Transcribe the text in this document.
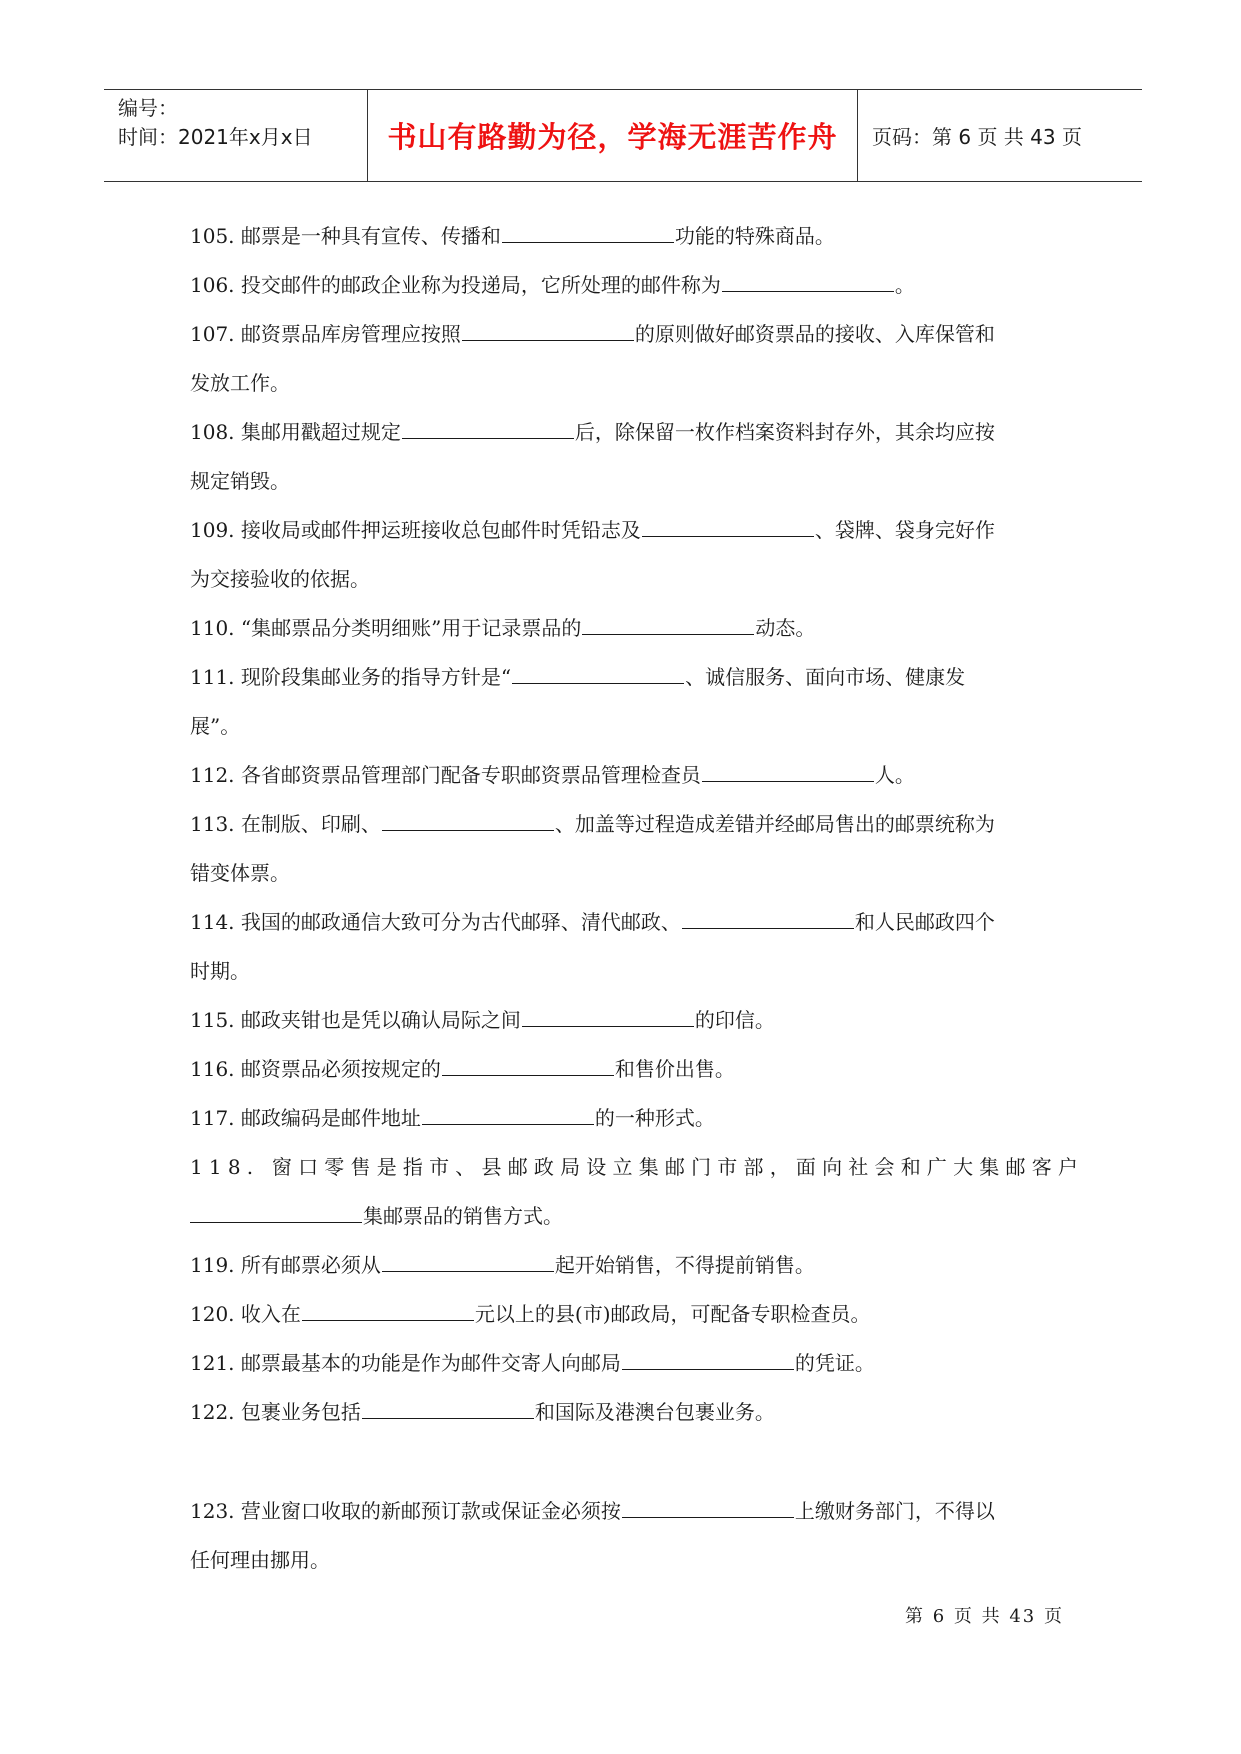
编号：
时间：2021年x月x日	书山有路勤为径，学海无涯苦作舟	页码：第 6 页 共 43 页
105. 邮票是一种具有宣传、传播和	功能的特殊商品。
106. 投交邮件的邮政企业称为投递局，它所处理的邮件称为	。
107. 邮资票品库房管理应按照	的原则做好邮资票品的接收、入库保管和
发放工作。
108. 集邮用戳超过规定	后，除保留一枚作档案资料封存外，其余均应按
规定销毁。
109. 接收局或邮件押运班接收总包邮件时凭铅志及	、袋牌、袋身完好作
为交接验收的依据。
110. “集邮票品分类明细账”用于记录票品的	动态。
111. 现阶段集邮业务的指导方针是“	、诚信服务、面向市场、健康发
展”。
112. 各省邮资票品管理部门配备专职邮资票品管理检查员	人。
113. 在制版、印刷、	、加盖等过程造成差错并经邮局售出的邮票统称为
错变体票。
114. 我国的邮政通信大致可分为古代邮驿、清代邮政、	和人民邮政四个
时期。
115. 邮政夹钳也是凭以确认局际之间	的印信。
116. 邮资票品必须按规定的	和售价出售。
117. 邮政编码是邮件地址	的一种形式。
118. 窗口零售是指市、县邮政局设立集邮门市部，面向社会和广大集邮客户
集邮票品的销售方式。
119. 所有邮票必须从	起开始销售，不得提前销售。
120. 收入在	元以上的县(市)邮政局，可配备专职检查员。
121. 邮票最基本的功能是作为邮件交寄人向邮局	的凭证。
122. 包裹业务包括	和国际及港澳台包裹业务。
123. 营业窗口收取的新邮预订款或保证金必须按	上缴财务部门，不得以
任何理由挪用。
第 6 页 共 43 页
